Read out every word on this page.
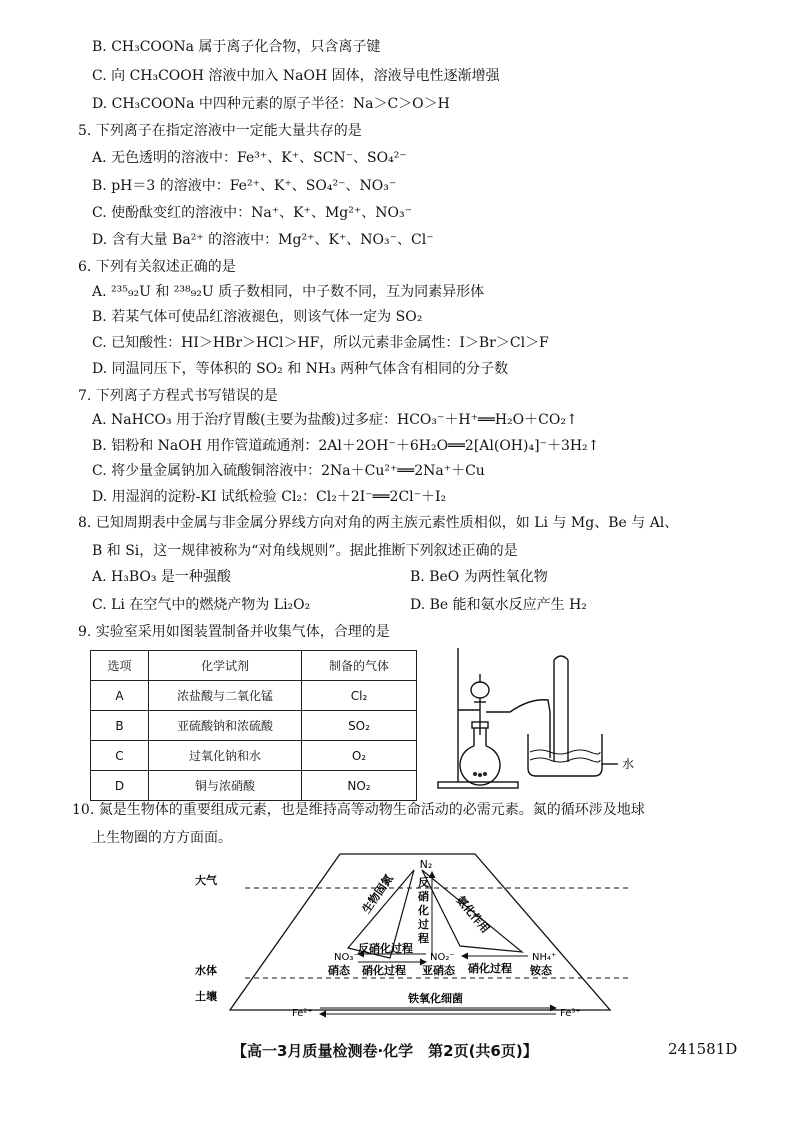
B. CH₃COONa 属于离子化合物，只含离子键
C. 向 CH₃COOH 溶液中加入 NaOH 固体，溶液导电性逐渐增强
D. CH₃COONa 中四种元素的原子半径：Na＞C＞O＞H
5. 下列离子在指定溶液中一定能大量共存的是
A. 无色透明的溶液中：Fe³⁺、K⁺、SCN⁻、SO₄²⁻
B. pH＝3 的溶液中：Fe²⁺、K⁺、SO₄²⁻、NO₃⁻
C. 使酚酞变红的溶液中：Na⁺、K⁺、Mg²⁺、NO₃⁻
D. 含有大量 Ba²⁺ 的溶液中：Mg²⁺、K⁺、NO₃⁻、Cl⁻
6. 下列有关叙述正确的是
A. ²³⁵₉₂U 和 ²³⁸₉₂U 质子数相同，中子数不同，互为同素异形体
B. 若某气体可使品红溶液褪色，则该气体一定为 SO₂
C. 已知酸性：HI＞HBr＞HCl＞HF，所以元素非金属性：I＞Br＞Cl＞F
D. 同温同压下，等体积的 SO₂ 和 NH₃ 两种气体含有相同的分子数
7. 下列离子方程式书写错误的是
A. NaHCO₃ 用于治疗胃酸(主要为盐酸)过多症：HCO₃⁻＋H⁺══H₂O＋CO₂↑
B. 铝粉和 NaOH 用作管道疏通剂：2Al＋2OH⁻＋6H₂O══2[Al(OH)₄]⁻＋3H₂↑
C. 将少量金属钠加入硫酸铜溶液中：2Na＋Cu²⁺══2Na⁺＋Cu
D. 用湿润的淀粉-KI 试纸检验 Cl₂：Cl₂＋2I⁻══2Cl⁻＋I₂
8. 已知周期表中金属与非金属分界线方向对角的两主族元素性质相似，如 Li 与 Mg、Be 与 Al、
B 和 Si，这一规律被称为“对角线规则”。据此推断下列叙述正确的是
A. H₃BO₃ 是一种强酸	B. BeO 为两性氧化物
C. Li 在空气中的燃烧产物为 Li₂O₂	D. Be 能和氨水反应产生 H₂
9. 实验室采用如图装置制备并收集气体，合理的是
选项	化学试剂	制备的气体
A	浓盐酸与二氧化锰	Cl₂
B	亚硫酸钠和浓硫酸	SO₂
C	过氧化钠和水	O₂
D	铜与浓硝酸	NO₂
水
10. 氮是生物体的重要组成元素，也是维持高等动物生命活动的必需元素。氮的循环涉及地球
上生物圈的方方面面。
大气
水体
土壤
N₂
反硝化过程
生物固氮	氨化作用
NO₃⁻
硝态
NO₂⁻
亚硝态
NH₄⁺
铵态
反硝化过程
硝化过程	硝化过程
Fe²⁺	Fe³⁺
铁氧化细菌
【高一3月质量检测卷·化学　第2页(共6页)】	241581D
